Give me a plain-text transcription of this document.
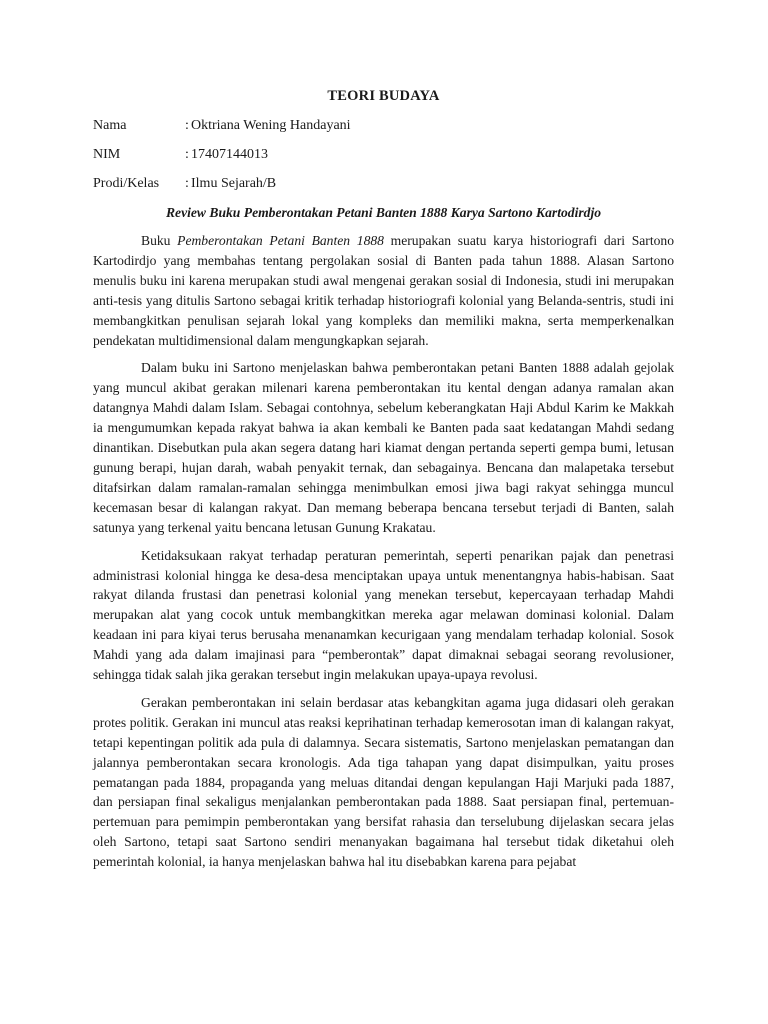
TEORI BUDAYA
Nama	: Oktriana Wening Handayani
NIM	: 17407144013
Prodi/Kelas	: Ilmu Sejarah/B
Review Buku Pemberontakan Petani Banten 1888 Karya Sartono Kartodirdjo

Buku Pemberontakan Petani Banten 1888 merupakan suatu karya historiografi dari Sartono Kartodirdjo yang membahas tentang pergolakan sosial di Banten pada tahun 1888. Alasan Sartono menulis buku ini karena merupakan studi awal mengenai gerakan sosial di Indonesia, studi ini merupakan anti-tesis yang ditulis Sartono sebagai kritik terhadap historiografi kolonial yang Belanda-sentris, studi ini membangkitkan penulisan sejarah lokal yang kompleks dan memiliki makna, serta memperkenalkan pendekatan multidimensional dalam mengungkapkan sejarah.

Dalam buku ini Sartono menjelaskan bahwa pemberontakan petani Banten 1888 adalah gejolak yang muncul akibat gerakan milenari karena pemberontakan itu kental dengan adanya ramalan akan datangnya Mahdi dalam Islam. Sebagai contohnya, sebelum keberangkatan Haji Abdul Karim ke Makkah ia mengumumkan kepada rakyat bahwa ia akan kembali ke Banten pada saat kedatangan Mahdi sedang dinantikan. Disebutkan pula akan segera datang hari kiamat dengan pertanda seperti gempa bumi, letusan gunung berapi, hujan darah, wabah penyakit ternak, dan sebagainya. Bencana dan malapetaka tersebut ditafsirkan dalam ramalan-ramalan sehingga menimbulkan emosi jiwa bagi rakyat sehingga muncul kecemasan besar di kalangan rakyat. Dan memang beberapa bencana tersebut terjadi di Banten, salah satunya yang terkenal yaitu bencana letusan Gunung Krakatau.

Ketidaksukaan rakyat terhadap peraturan pemerintah, seperti penarikan pajak dan penetrasi administrasi kolonial hingga ke desa-desa menciptakan upaya untuk menentangnya habis-habisan. Saat rakyat dilanda frustasi dan penetrasi kolonial yang menekan tersebut, kepercayaan terhadap Mahdi merupakan alat yang cocok untuk membangkitkan mereka agar melawan dominasi kolonial. Dalam keadaan ini para kiyai terus berusaha menanamkan kecurigaan yang mendalam terhadap kolonial. Sosok Mahdi yang ada dalam imajinasi para “pemberontak” dapat dimaknai sebagai seorang revolusioner, sehingga tidak salah jika gerakan tersebut ingin melakukan upaya-upaya revolusi.

Gerakan pemberontakan ini selain berdasar atas kebangkitan agama juga didasari oleh gerakan protes politik. Gerakan ini muncul atas reaksi keprihatinan terhadap kemerosotan iman di kalangan rakyat, tetapi kepentingan politik ada pula di dalamnya. Secara sistematis, Sartono menjelaskan pematangan dan jalannya pemberontakan secara kronologis. Ada tiga tahapan yang dapat disimpulkan, yaitu proses pematangan pada 1884, propaganda yang meluas ditandai dengan kepulangan Haji Marjuki pada 1887, dan persiapan final sekaligus menjalankan pemberontakan pada 1888. Saat persiapan final, pertemuan-pertemuan para pemimpin pemberontakan yang bersifat rahasia dan terselubung dijelaskan secara jelas oleh Sartono, tetapi saat Sartono sendiri menanyakan bagaimana hal tersebut tidak diketahui oleh pemerintah kolonial, ia hanya menjelaskan bahwa hal itu disebabkan karena para pejabat
